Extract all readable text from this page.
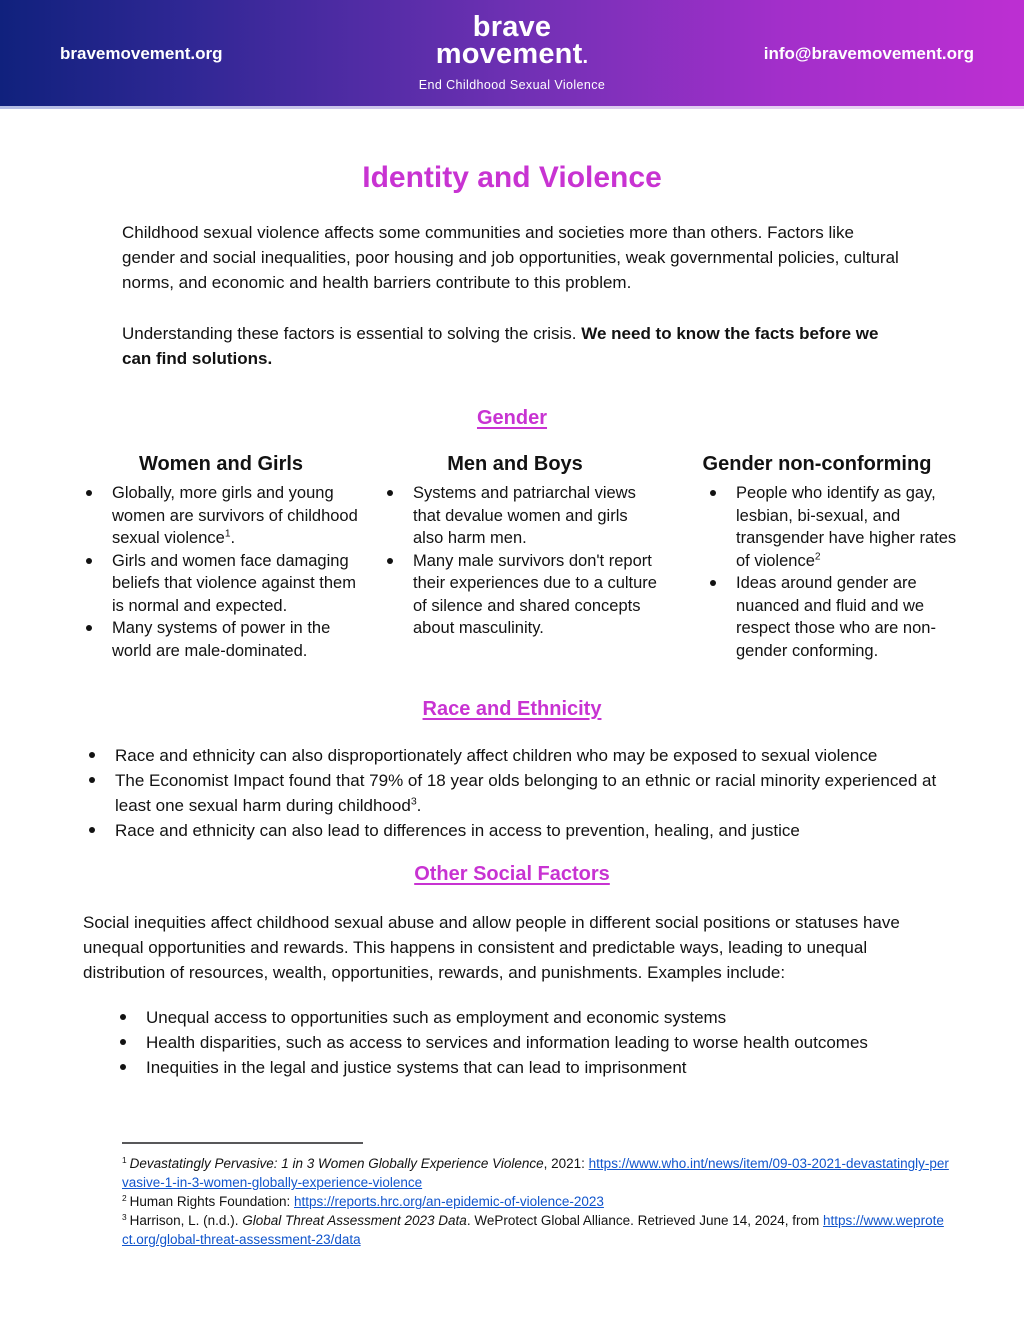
bravemovement.org
brave
movement.
End Childhood Sexual Violence
info@bravemovement.org
Identity and Violence

Childhood sexual violence affects some communities and societies more than others. Factors like gender and social inequalities, poor housing and job opportunities, weak governmental policies, cultural norms, and economic and health barriers contribute to this problem.

Understanding these factors is essential to solving the crisis. We need to know the facts before we can find solutions.

Gender
Women and Girls
Globally, more girls and young women are survivors of childhood sexual violence$^1$.
Girls and women face damaging beliefs that violence against them is normal and expected.
Many systems of power in the world are male-dominated.
Men and Boys
Systems and patriarchal views that devalue women and girls also harm men.
Many male survivors don't report their experiences due to a culture of silence and shared concepts about masculinity.
Gender non-conforming
People who identify as gay, lesbian, bi-sexual, and transgender have higher rates of violence$^2$
Ideas around gender are nuanced and fluid and we respect those who are non-gender conforming.
Race and Ethnicity
Race and ethnicity can also disproportionately affect children who may be exposed to sexual violence
The Economist Impact found that 79% of 18 year olds belonging to an ethnic or racial minority experienced at least one sexual harm during childhood$^3$.
Race and ethnicity can also lead to differences in access to prevention, healing, and justice
Other Social Factors

Social inequities affect childhood sexual abuse and allow people in different social positions or statuses have unequal opportunities and rewards. This happens in consistent and predictable ways, leading to unequal distribution of resources, wealth, opportunities, rewards, and punishments. Examples include:

Unequal access to opportunities such as employment and economic systems
Health disparities, such as access to services and information leading to worse health outcomes
Inequities in the legal and justice systems that can lead to imprisonment
$^1$ Devastatingly Pervasive: 1 in 3 Women Globally Experience Violence, 2021: https://www.who.int/news/item/09-03-2021-devastatingly-pervasive-1-in-3-women-globally-experience-violence
$^2$ Human Rights Foundation: https://reports.hrc.org/an-epidemic-of-violence-2023
$^3$ Harrison, L. (n.d.). Global Threat Assessment 2023 Data. WeProtect Global Alliance. Retrieved June 14, 2024, from https://www.weprotect.org/global-threat-assessment-23/data
